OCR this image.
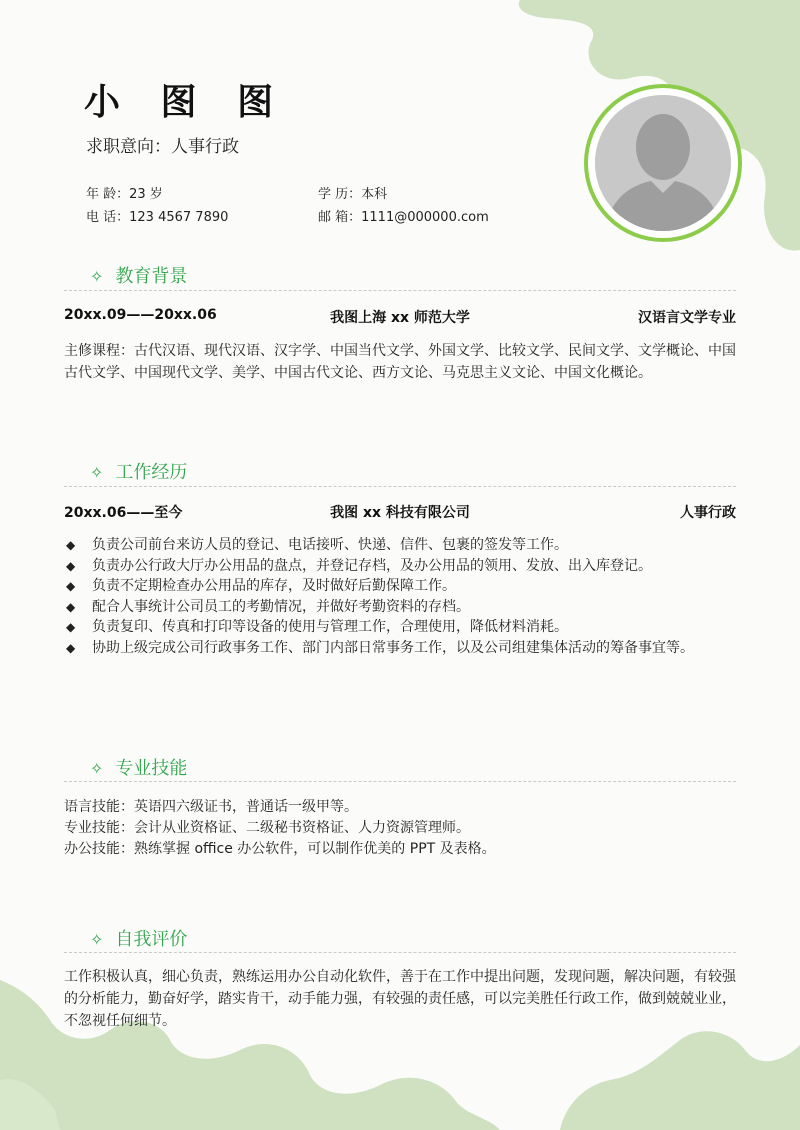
小 图 图
求职意向：人事行政
年 龄：23 岁	学 历：本科
电 话：123 4567 7890	邮 箱：1111@000000.com
✧ 教育背景
20xx.09——20xx.06	我图上海 xx 师范大学	汉语言文学专业
主修课程：古代汉语、现代汉语、汉字学、中国当代文学、外国文学、比较文学、民间文学、文学概论、中国古代文学、中国现代文学、美学、中国古代文论、西方文论、马克思主义文论、中国文化概论。
✧ 工作经历
20xx.06——至今	我图 xx 科技有限公司	人事行政
◆ 负责公司前台来访人员的登记、电话接听、快递、信件、包裹的签发等工作。
◆ 负责办公行政大厅办公用品的盘点，并登记存档，及办公用品的领用、发放、出入库登记。
◆ 负责不定期检查办公用品的库存，及时做好后勤保障工作。
◆ 配合人事统计公司员工的考勤情况，并做好考勤资料的存档。
◆ 负责复印、传真和打印等设备的使用与管理工作，合理使用，降低材料消耗。
◆ 协助上级完成公司行政事务工作、部门内部日常事务工作，以及公司组建集体活动的筹备事宜等。
✧ 专业技能
语言技能：英语四六级证书，普通话一级甲等。
专业技能：会计从业资格证、二级秘书资格证、人力资源管理师。
办公技能：熟练掌握 office 办公软件，可以制作优美的 PPT 及表格。
✧ 自我评价
工作积极认真，细心负责，熟练运用办公自动化软件，善于在工作中提出问题，发现问题，解决问题，有较强的分析能力，勤奋好学，踏实肯干，动手能力强，有较强的责任感，可以完美胜任行政工作，做到兢兢业业，不忽视任何细节。
